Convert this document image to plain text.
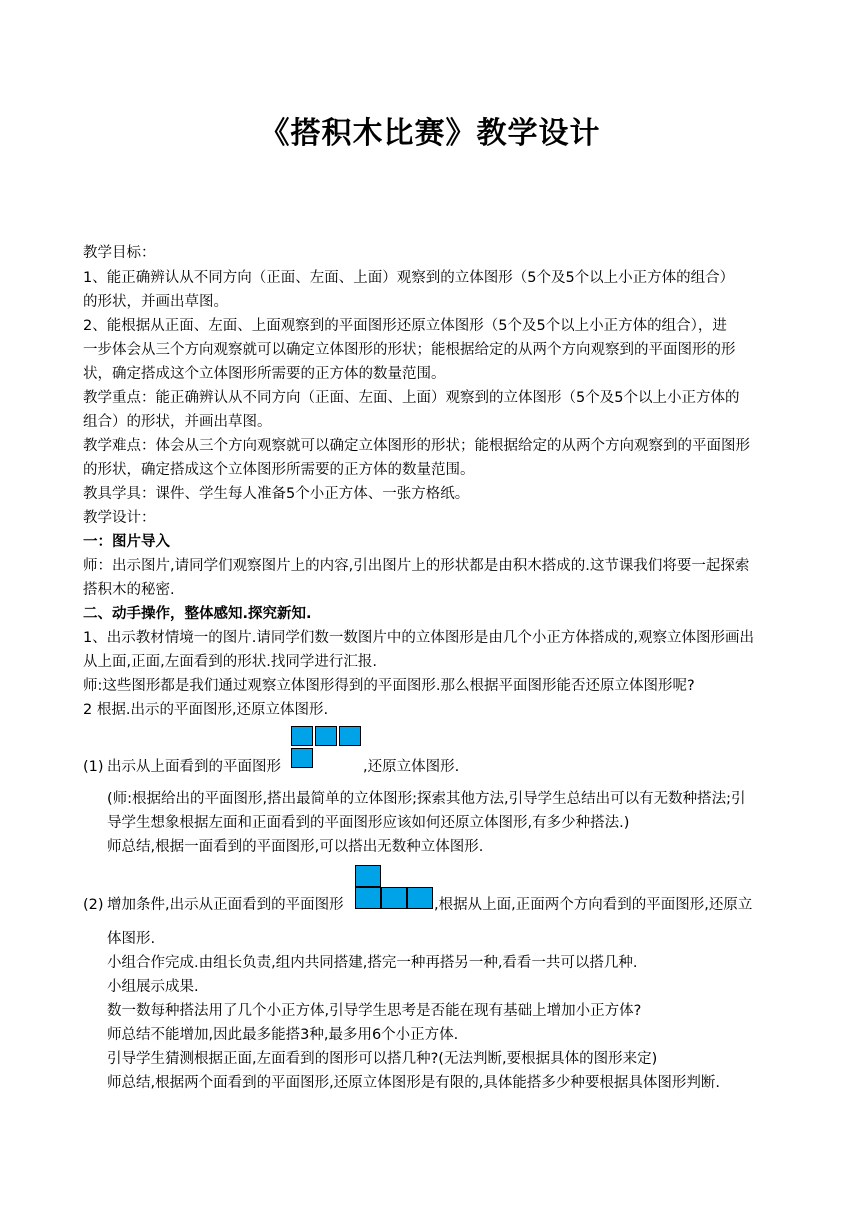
《搭积木比赛》教学设计
教学目标：
1、能正确辨认从不同方向（正面、左面、上面）观察到的立体图形（5个及5个以上小正方体的组合）
的形状，并画出草图。
2、能根据从正面、左面、上面观察到的平面图形还原立体图形（5个及5个以上小正方体的组合），进
一步体会从三个方向观察就可以确定立体图形的形状；能根据给定的从两个方向观察到的平面图形的形
状，确定搭成这个立体图形所需要的正方体的数量范围。
教学重点：能正确辨认从不同方向（正面、左面、上面）观察到的立体图形（5个及5个以上小正方体的
组合）的形状，并画出草图。
教学难点：体会从三个方向观察就可以确定立体图形的形状；能根据给定的从两个方向观察到的平面图形
的形状，确定搭成这个立体图形所需要的正方体的数量范围。
教具学具：课件、学生每人准备5个小正方体、一张方格纸。
教学设计：
一：图片导入
师：出示图片,请同学们观察图片上的内容,引出图片上的形状都是由积木搭成的.这节课我们将要一起探索
搭积木的秘密.
二、动手操作，整体感知.探究新知.
1、出示教材情境一的图片.请同学们数一数图片中的立体图形是由几个小正方体搭成的,观察立体图形画出
从上面,正面,左面看到的形状.找同学进行汇报.
师:这些图形都是我们通过观察立体图形得到的平面图形.那么根据平面图形能否还原立体图形呢?
2 根据.出示的平面图形,还原立体图形.
(1) 出示从上面看到的平面图形	,还原立体图形.
(师:根据给出的平面图形,搭出最简单的立体图形;探索其他方法,引导学生总结出可以有无数种搭法;引
导学生想象根据左面和正面看到的平面图形应该如何还原立体图形,有多少种搭法.)
师总结,根据一面看到的平面图形,可以搭出无数种立体图形.
(2) 增加条件,出示从正面看到的平面图形	,根据从上面,正面两个方向看到的平面图形,还原立
体图形.
小组合作完成.由组长负责,组内共同搭建,搭完一种再搭另一种,看看一共可以搭几种.
小组展示成果.
数一数每种搭法用了几个小正方体,引导学生思考是否能在现有基础上增加小正方体?
师总结不能增加,因此最多能搭3种,最多用6个小正方体.
引导学生猜测根据正面,左面看到的图形可以搭几种?(无法判断,要根据具体的图形来定)
师总结,根据两个面看到的平面图形,还原立体图形是有限的,具体能搭多少种要根据具体图形判断.
